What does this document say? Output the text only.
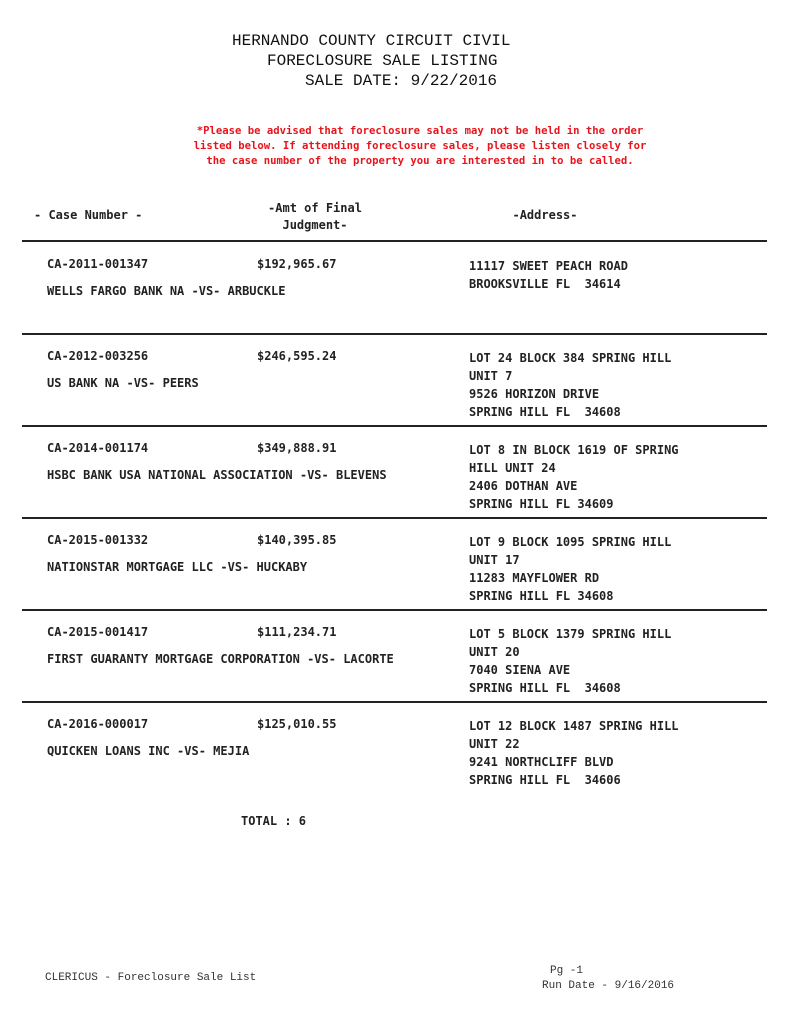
HERNANDO COUNTY CIRCUIT CIVIL
FORECLOSURE SALE LISTING
SALE DATE: 9/22/2016
*Please be advised that foreclosure sales may not be held in the order listed below. If attending foreclosure sales, please listen closely for the case number of the property you are interested in to be called.
- Case Number -	-Amt of Final
Judgment-
-Address-
CA-2011-001347	$192,965.67
WELLS FARGO BANK NA -VS- ARBUCKLE
11117 SWEET PEACH ROAD
BROOKSVILLE FL  34614
CA-2012-003256	$246,595.24
US BANK NA -VS- PEERS
LOT 24 BLOCK 384 SPRING HILL
UNIT 7
9526 HORIZON DRIVE
SPRING HILL FL  34608
CA-2014-001174	$349,888.91
HSBC BANK USA NATIONAL ASSOCIATION -VS- BLEVENS
LOT 8 IN BLOCK 1619 OF SPRING
HILL UNIT 24
2406 DOTHAN AVE
SPRING HILL FL 34609
CA-2015-001332	$140,395.85
NATIONSTAR MORTGAGE LLC -VS- HUCKABY
LOT 9 BLOCK 1095 SPRING HILL
UNIT 17
11283 MAYFLOWER RD
SPRING HILL FL 34608
CA-2015-001417	$111,234.71
FIRST GUARANTY MORTGAGE CORPORATION -VS- LACORTE
LOT 5 BLOCK 1379 SPRING HILL
UNIT 20
7040 SIENA AVE
SPRING HILL FL  34608
CA-2016-000017	$125,010.55
QUICKEN LOANS INC -VS- MEJIA
LOT 12 BLOCK 1487 SPRING HILL
UNIT 22
9241 NORTHCLIFF BLVD
SPRING HILL FL  34606
TOTAL : 6
CLERICUS - Foreclosure Sale List
Pg -1
Run Date - 9/16/2016
